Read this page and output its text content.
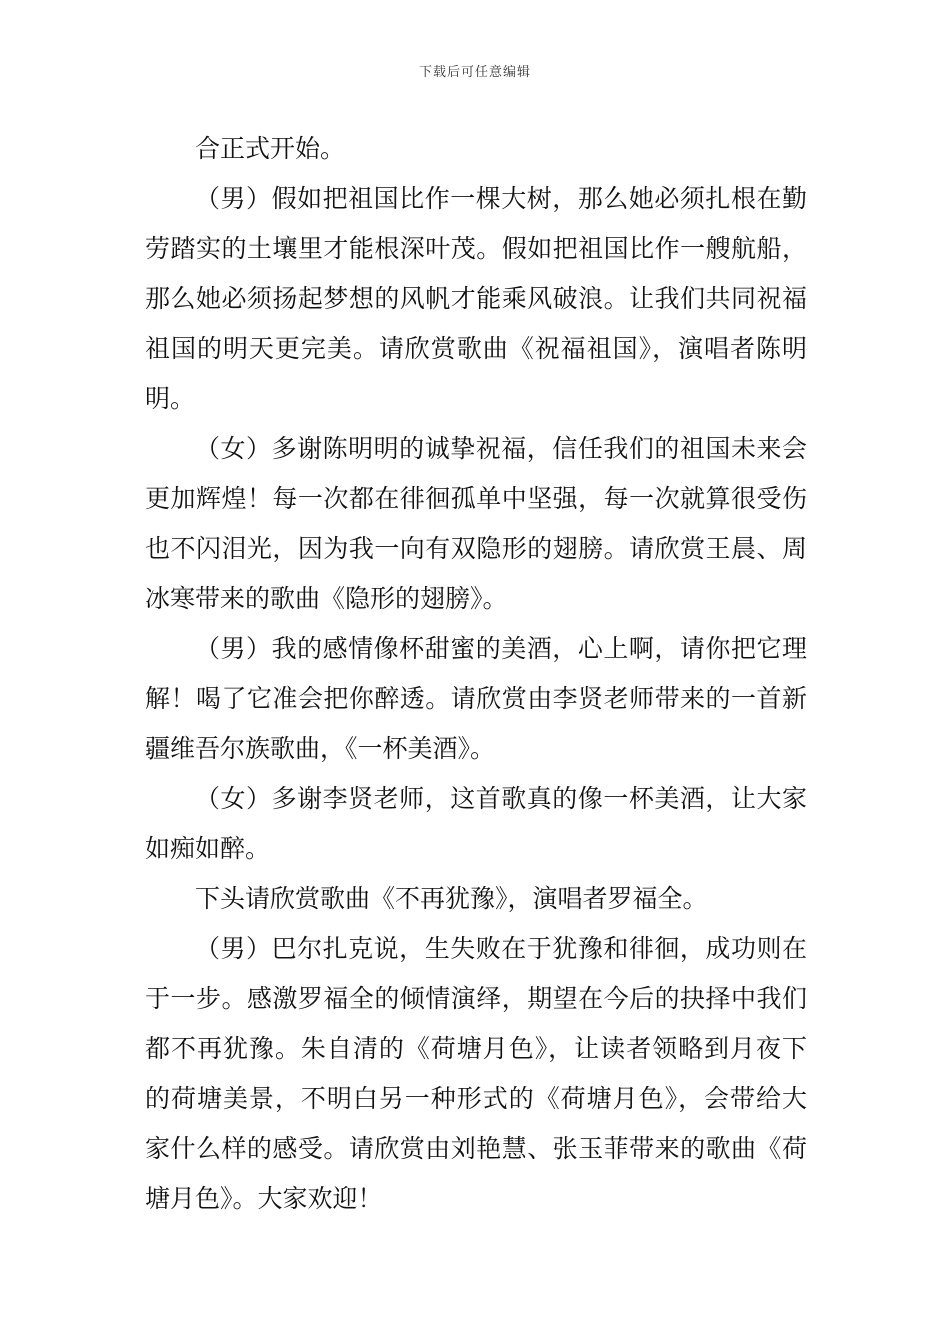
下载后可任意编辑

合正式开始。

（男）假如把祖国比作一棵大树，那么她必须扎根在勤劳踏实的土壤里才能根深叶茂。假如把祖国比作一艘航船，那么她必须扬起梦想的风帆才能乘风破浪。让我们共同祝福祖国的明天更完美。请欣赏歌曲《祝福祖国》，演唱者陈明明。

（女）多谢陈明明的诚挚祝福，信任我们的祖国未来会更加辉煌！每一次都在徘徊孤单中坚强，每一次就算很受伤也不闪泪光，因为我一向有双隐形的翅膀。请欣赏王晨、周冰寒带来的歌曲《隐形的翅膀》。

（男）我的感情像杯甜蜜的美酒，心上啊，请你把它理解！喝了它准会把你醉透。请欣赏由李贤老师带来的一首新疆维吾尔族歌曲，《一杯美酒》。

（女）多谢李贤老师，这首歌真的像一杯美酒，让大家如痴如醉。

下头请欣赏歌曲《不再犹豫》，演唱者罗福全。

（男）巴尔扎克说，生失败在于犹豫和徘徊，成功则在于一步。感激罗福全的倾情演绎，期望在今后的抉择中我们都不再犹豫。朱自清的《荷塘月色》，让读者领略到月夜下的荷塘美景，不明白另一种形式的《荷塘月色》，会带给大家什么样的感受。请欣赏由刘艳慧、张玉菲带来的歌曲《荷塘月色》。大家欢迎！
